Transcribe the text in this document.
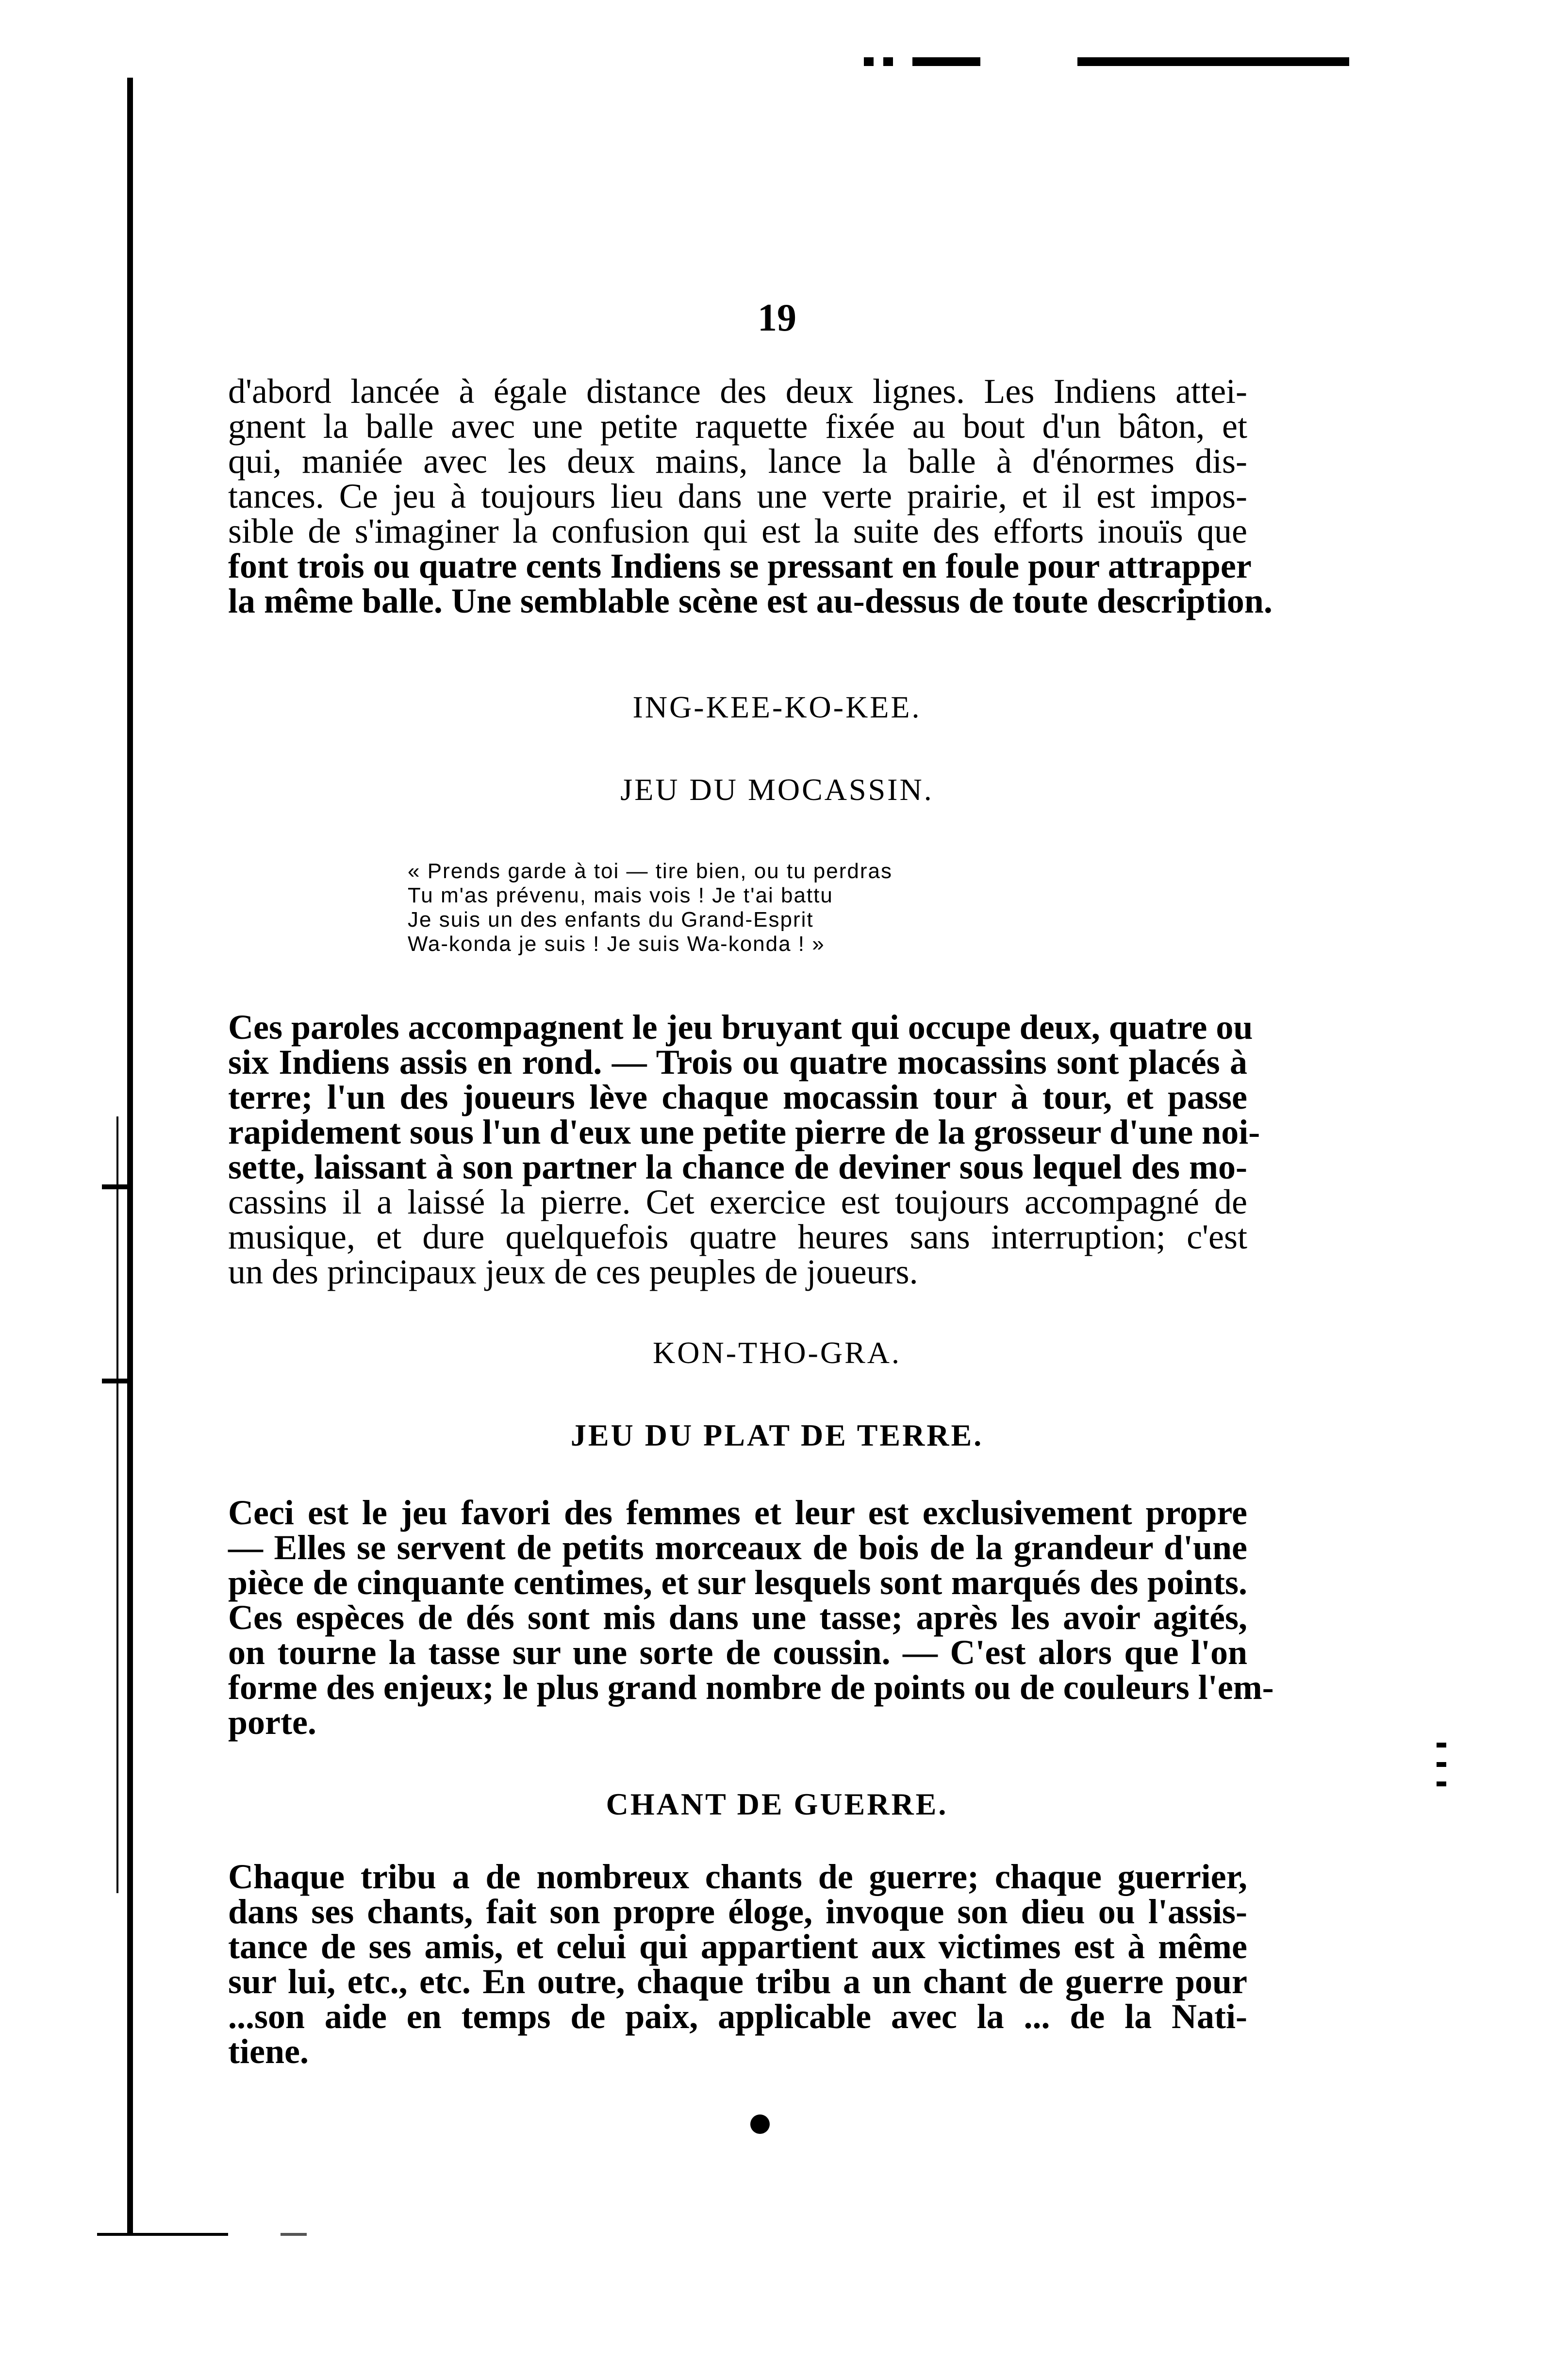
19

d'abord lancée à égale distance des deux lignes. Les Indiens attei-
gnent la balle avec une petite raquette fixée au bout d'un bâton, et
qui, maniée avec les deux mains, lance la balle à d'énormes dis-
tances. Ce jeu à toujours lieu dans une verte prairie, et il est impos-
sible de s'imaginer la confusion qui est la suite des efforts inouïs que
font trois ou quatre cents Indiens se pressant en foule pour attrapper
la même balle. Une semblable scène est au-dessus de toute description.

ING-KEE-KO-KEE.
JEU DU MOCASSIN.
« Prends garde à toi — tire bien, ou tu perdras
Tu m'as prévenu, mais vois ! Je t'ai battu
Je suis un des enfants du Grand-Esprit
Wa-konda je suis ! Je suis Wa-konda ! »

Ces paroles accompagnent le jeu bruyant qui occupe deux, quatre ou
six Indiens assis en rond. — Trois ou quatre mocassins sont placés à
terre; l'un des joueurs lève chaque mocassin tour à tour, et passe
rapidement sous l'un d'eux une petite pierre de la grosseur d'une noi-
sette, laissant à son partner la chance de deviner sous lequel des mo-
cassins il a laissé la pierre. Cet exercice est toujours accompagné de
musique, et dure quelquefois quatre heures sans interruption; c'est
un des principaux jeux de ces peuples de joueurs.

KON-THO-GRA.
JEU DU PLAT DE TERRE.

Ceci est le jeu favori des femmes et leur est exclusivement propre
— Elles se servent de petits morceaux de bois de la grandeur d'une
pièce de cinquante centimes, et sur lesquels sont marqués des points.
Ces espèces de dés sont mis dans une tasse; après les avoir agités,
on tourne la tasse sur une sorte de coussin. — C'est alors que l'on
forme des enjeux; le plus grand nombre de points ou de couleurs l'em-
porte.

CHANT DE GUERRE.

Chaque tribu a de nombreux chants de guerre; chaque guerrier,
dans ses chants, fait son propre éloge, invoque son dieu ou l'assis-
tance de ses amis, et celui qui appartient aux victimes est à même
sur lui, etc., etc. En outre, chaque tribu a un chant de guerre pour
...son aide en temps de paix, applicable avec la ... de la Nati-
tiene.
